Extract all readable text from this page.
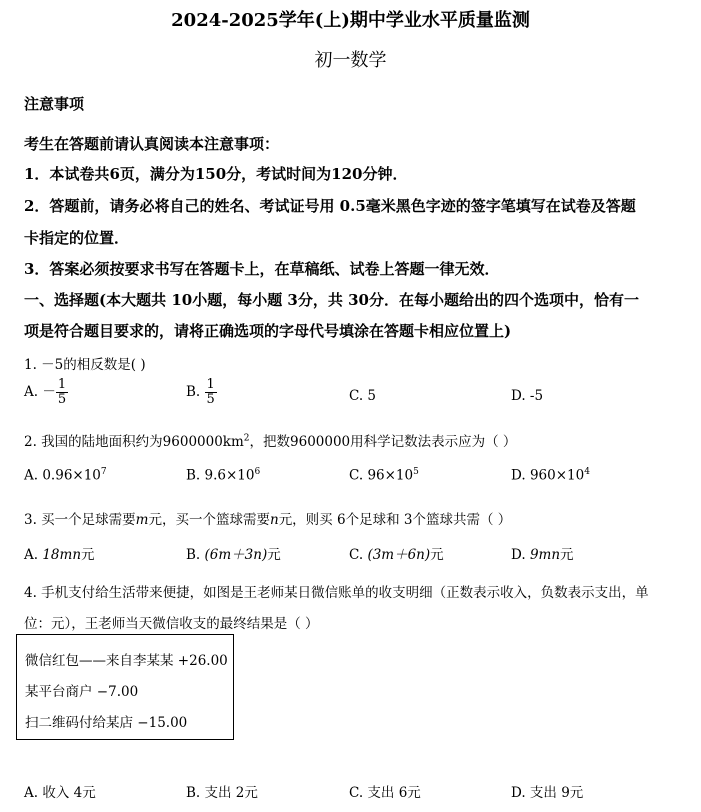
2024-2025学年(上)期中学业水平质量监测
初一数学
注意事项
考生在答题前请认真阅读本注意事项：
1．本试卷共6页，满分为150分，考试时间为120分钟．
2．答题前，请务必将自己的姓名、考试证号用 0.5毫米黑色字迹的签字笔填写在试卷及答题
卡指定的位置．
3．答案必须按要求书写在答题卡上，在草稿纸、试卷上答题一律无效．
一、选择题(本大题共 10小题，每小题 3分，共 30分．在每小题给出的四个选项中，恰有一
项是符合题目要求的，请将正确选项的字母代号填涂在答题卡相应位置上)
1. －5的相反数是( )
A. － $\frac{1}{5}$	B. $\frac{1}{5}$	C. 5	D. -5
2. 我国的陆地面积约为$9600000km^2$，把数9600000用科学记数法表示应为（ ）
A. $0.96\times 10^7$	B. $9.6\times 10^6$	C. $96\times 10^5$	D. $960\times 10^4$
3. 买一个足球需要m元，买一个篮球需要n元，则买 6个足球和 3个篮球共需（ ）
A. 18mn元	B. (6m＋3n)元	C. (3m＋6n)元	D. 9mn元
4. 手机支付给生活带来便捷，如图是王老师某日微信账单的收支明细（正数表示收入，负数表示支出，单
位：元），王老师当天微信收支的最终结果是（ ）
微信红包——来自李某某 +26.00
某平台商户 −7.00
扫二维码付给某店 −15.00
A. 收入 4元	B. 支出 2元	C. 支出 6元	D. 支出 9元
